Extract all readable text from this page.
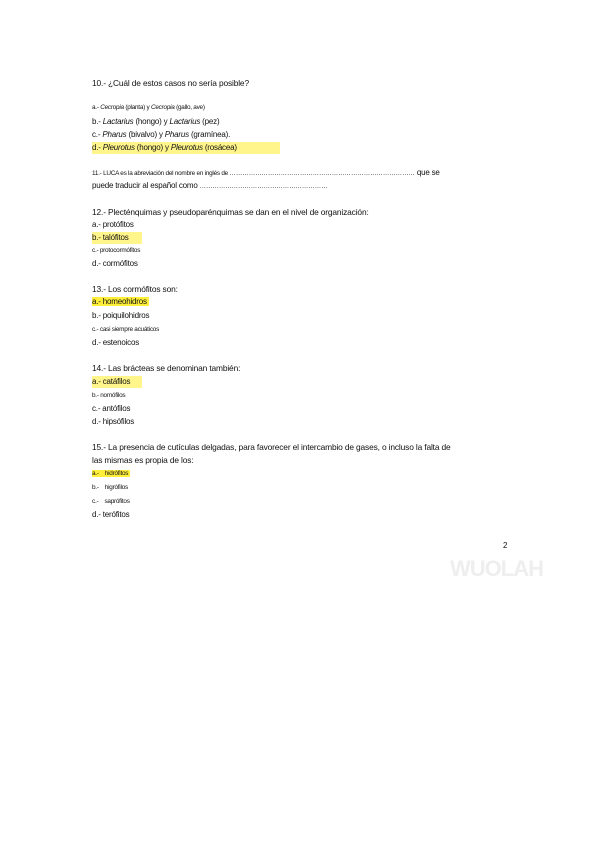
10.- ¿Cuál de estos casos no sería posible?
a.- Cecropia (planta) y Cecropia (gallo, ave)
b.- Lactarius (hongo) y Lactarius (pez)
c.- Pharus (bivalvo) y Pharus (gramínea).
d.- Pleurotus (hongo) y Pleurotus (rosácea)
11.- LUCA es la abreviación del nombre en inglés de …………………………………………………………………………… que se
puede traducir al español como ……………………………………………………
12.- Plecténquimas y pseudoparénquimas se dan en el nivel de organización:
a.- protófitos
b.- talófitos
c.- protocormófitos
d.- cormófitos
13.- Los cormófitos son:
a.- homeohidros
b.- poiquilohidros
c.- casi siempre acuáticos
d.- estenoicos
14.- Las brácteas se denominan también:
a.- catáfilos
b.- nomófilos
c.- antófilos
d.- hipsófilos
15.- La presencia de cutículas delgadas, para favorecer el intercambio de gases, o incluso la falta de
las mismas es propia de los:
a.-    hidrófitos
b.-    higrófilos
c.-    saprófitos
d.- terófitos
2
WUOLAH
